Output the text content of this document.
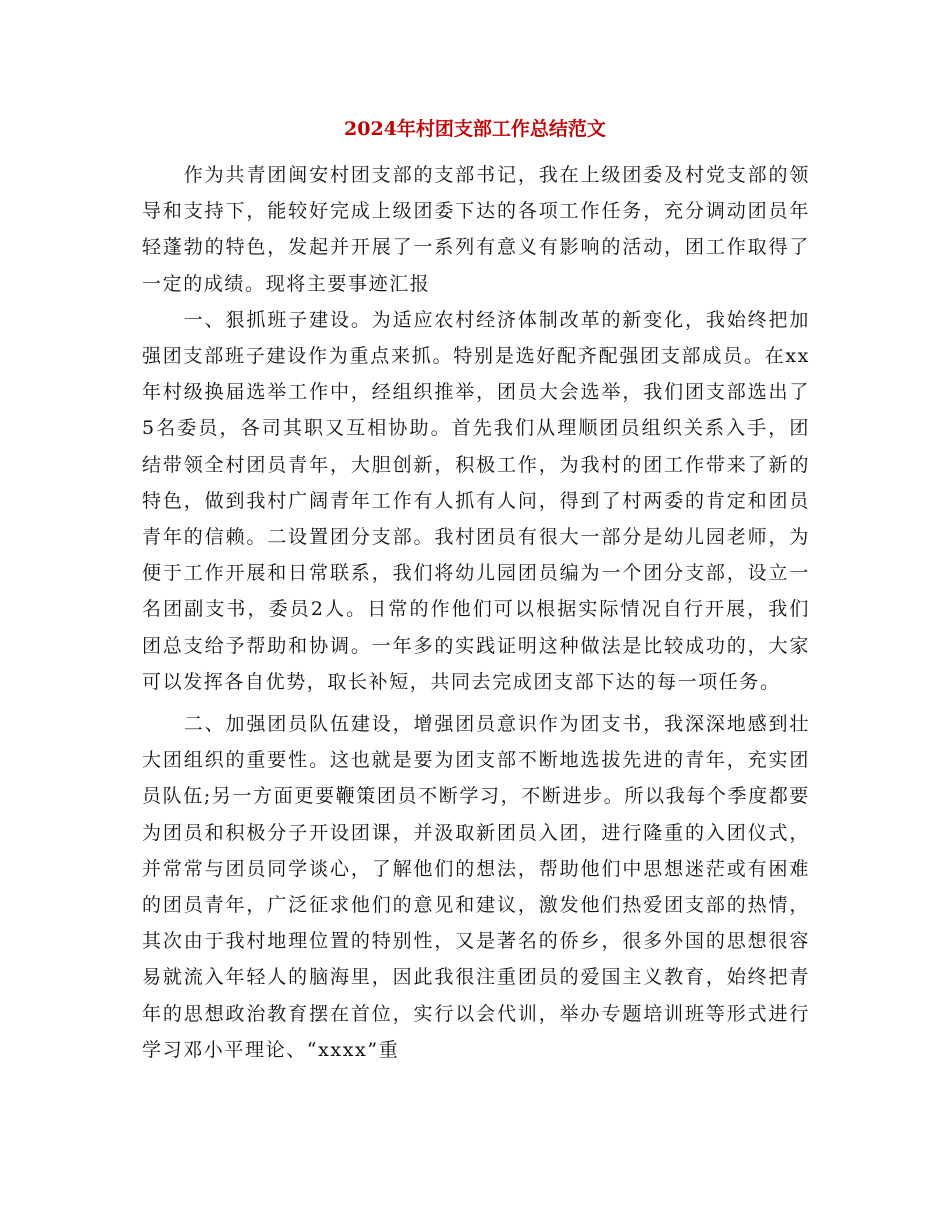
2024年村团支部工作总结范文

作为共青团闽安村团支部的支部书记，我在上级团委及村党支部的领导和支持下，能较好完成上级团委下达的各项工作任务，充分调动团员年轻蓬勃的特色，发起并开展了一系列有意义有影响的活动，团工作取得了一定的成绩。现将主要事迹汇报

一、狠抓班子建设。为适应农村经济体制改革的新变化，我始终把加强团支部班子建设作为重点来抓。特别是选好配齐配强团支部成员。在xx年村级换届选举工作中，经组织推举，团员大会选举，我们团支部选出了5名委员，各司其职又互相协助。首先我们从理顺团员组织关系入手，团结带领全村团员青年，大胆创新，积极工作，为我村的团工作带来了新的特色，做到我村广阔青年工作有人抓有人问，得到了村两委的肯定和团员青年的信赖。二设置团分支部。我村团员有很大一部分是幼儿园老师，为便于工作开展和日常联系，我们将幼儿园团员编为一个团分支部，设立一名团副支书，委员2人。日常的作他们可以根据实际情况自行开展，我们团总支给予帮助和协调。一年多的实践证明这种做法是比较成功的，大家可以发挥各自优势，取长补短，共同去完成团支部下达的每一项任务。

二、加强团员队伍建设，增强团员意识作为团支书，我深深地感到壮大团组织的重要性。这也就是要为团支部不断地选拔先进的青年，充实团员队伍;另一方面更要鞭策团员不断学习，不断进步。所以我每个季度都要为团员和积极分子开设团课，并汲取新团员入团，进行隆重的入团仪式，并常常与团员同学谈心，了解他们的想法，帮助他们中思想迷茫或有困难的团员青年，广泛征求他们的意见和建议，激发他们热爱团支部的热情，其次由于我村地理位置的特别性，又是著名的侨乡，很多外国的思想很容易就流入年轻人的脑海里，因此我很注重团员的爱国主义教育，始终把青年的思想政治教育摆在首位，实行以会代训，举办专题培训班等形式进行学习邓小平理论、“xxxx”重
